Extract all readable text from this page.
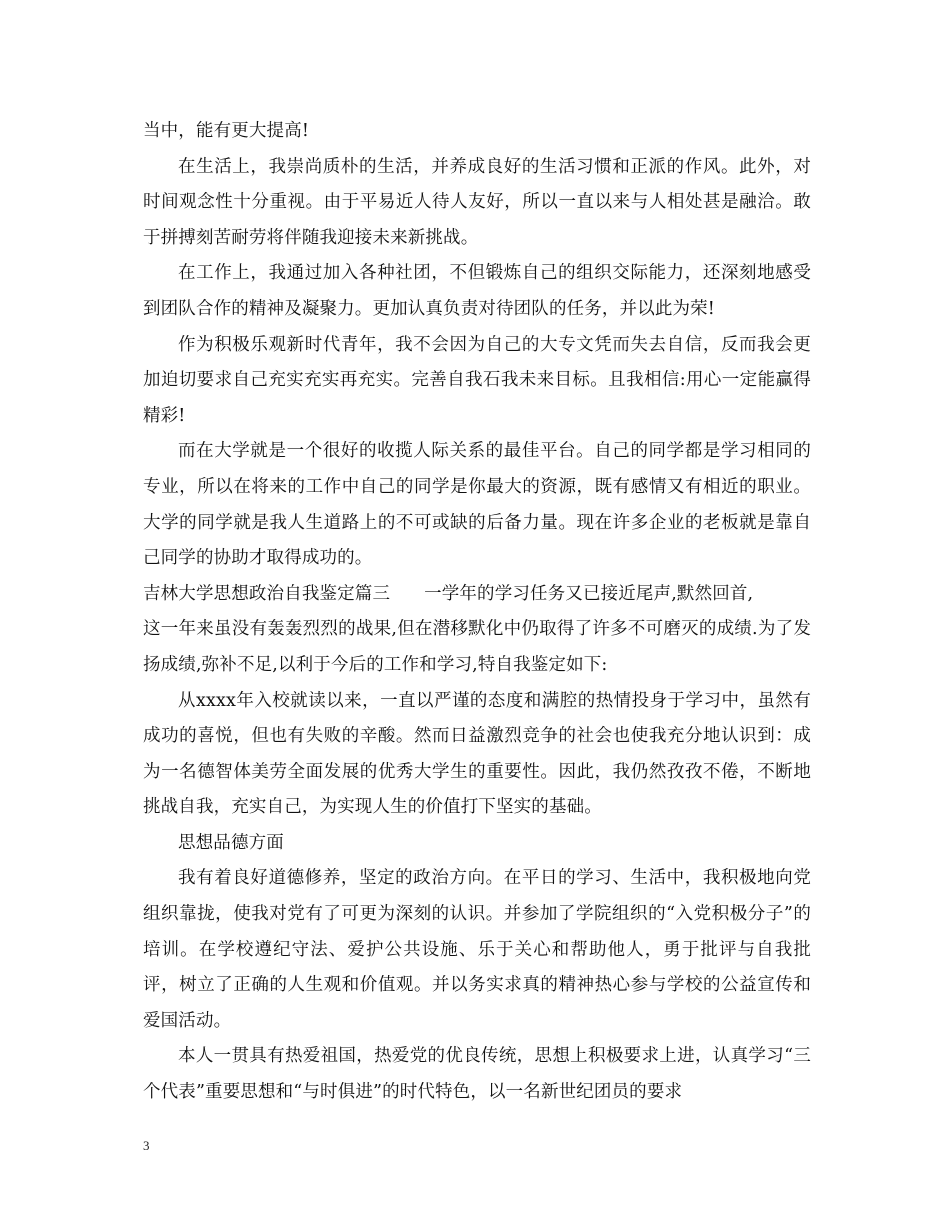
当中，能有更大提高!

在生活上，我崇尚质朴的生活，并养成良好的生活习惯和正派的作风。此外，对时间观念性十分重视。由于平易近人待人友好，所以一直以来与人相处甚是融洽。敢于拼搏刻苦耐劳将伴随我迎接未来新挑战。

在工作上，我通过加入各种社团，不但锻炼自己的组织交际能力，还深刻地感受到团队合作的精神及凝聚力。更加认真负责对待团队的任务，并以此为荣!

作为积极乐观新时代青年，我不会因为自己的大专文凭而失去自信，反而我会更加迫切要求自己充实充实再充实。完善自我石我未来目标。且我相信:用心一定能赢得精彩!

而在大学就是一个很好的收揽人际关系的最佳平台。自己的同学都是学习相同的专业，所以在将来的工作中自己的同学是你最大的资源，既有感情又有相近的职业。大学的同学就是我人生道路上的不可或缺的后备力量。现在许多企业的老板就是靠自己同学的协助才取得成功的。

吉林大学思想政治自我鉴定篇三 一学年的学习任务又已接近尾声,默然回首,

这一年来虽没有轰轰烈烈的战果,但在潜移默化中仍取得了许多不可磨灭的成绩.为了发扬成绩,弥补不足,以利于今后的工作和学习,特自我鉴定如下:

从xxxx年入校就读以来，一直以严谨的态度和满腔的热情投身于学习中，虽然有成功的喜悦，但也有失败的辛酸。然而日益激烈竞争的社会也使我充分地认识到：成为一名德智体美劳全面发展的优秀大学生的重要性。因此，我仍然孜孜不倦，不断地挑战自我，充实自己，为实现人生的价值打下坚实的基础。

思想品德方面

我有着良好道德修养，坚定的政治方向。在平日的学习、生活中，我积极地向党组织靠拢，使我对党有了可更为深刻的认识。并参加了学院组织的“入党积极分子”的培训。在学校遵纪守法、爱护公共设施、乐于关心和帮助他人，勇于批评与自我批评，树立了正确的人生观和价值观。并以务实求真的精神热心参与学校的公益宣传和爱国活动。

本人一贯具有热爱祖国，热爱党的优良传统，思想上积极要求上进，认真学习“三个代表”重要思想和“与时俱进”的时代特色，以一名新世纪团员的要求

3
